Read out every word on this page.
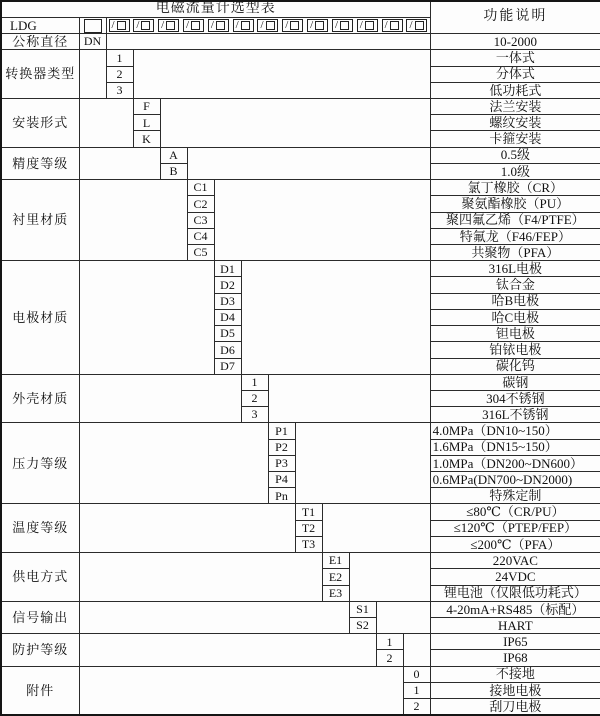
电磁流量计选型表														功能说明
LDG		/	/	/	/	/	/	/	/	/	/	/	/	/

公称直径	DN													10-2000
转换器类型		1												一体式
		2												分体式
		3												低功耗式
安装形式			F											法兰安装
			L											螺纹安装
			K											卡箍安装
精度等级				A										0.5级
				B										1.0级
衬里材质					C1									氯丁橡胶（CR）
					C2									聚氨酯橡胶（PU）
					C3									聚四氟乙烯（F4/PTFE）
					C4									特氟龙（F46/FEP）
					C5									共聚物（PFA）
电极材质						D1								316L电极
						D2								钛合金
						D3								哈B电极
						D4								哈C电极
						D5								钽电极
						D6								铂铱电极
						D7								碳化钨
外壳材质							1							碳钢
							2							304不锈钢
							3							316L不锈钢
压力等级								P1						4.0MPa（DN10~150）
								P2						1.6MPa（DN15~150）
								P3						1.0MPa（DN200~DN600）
								P4						0.6MPa(DN700~DN2000)
								Pn						特殊定制
温度等级									T1					≤80℃（CR/PU）
									T2					≤120℃（PTEP/FEP）
									T3					≤200℃（PFA）
供电方式										E1				220VAC
										E2				24VDC
										E3				锂电池（仅限低功耗式）
信号输出											S1			4-20mA+RS485（标配）
											S2			HART
防护等级												1		IP65
												2		IP68
附件													0	不接地
													1	接地电极
													2	刮刀电极
